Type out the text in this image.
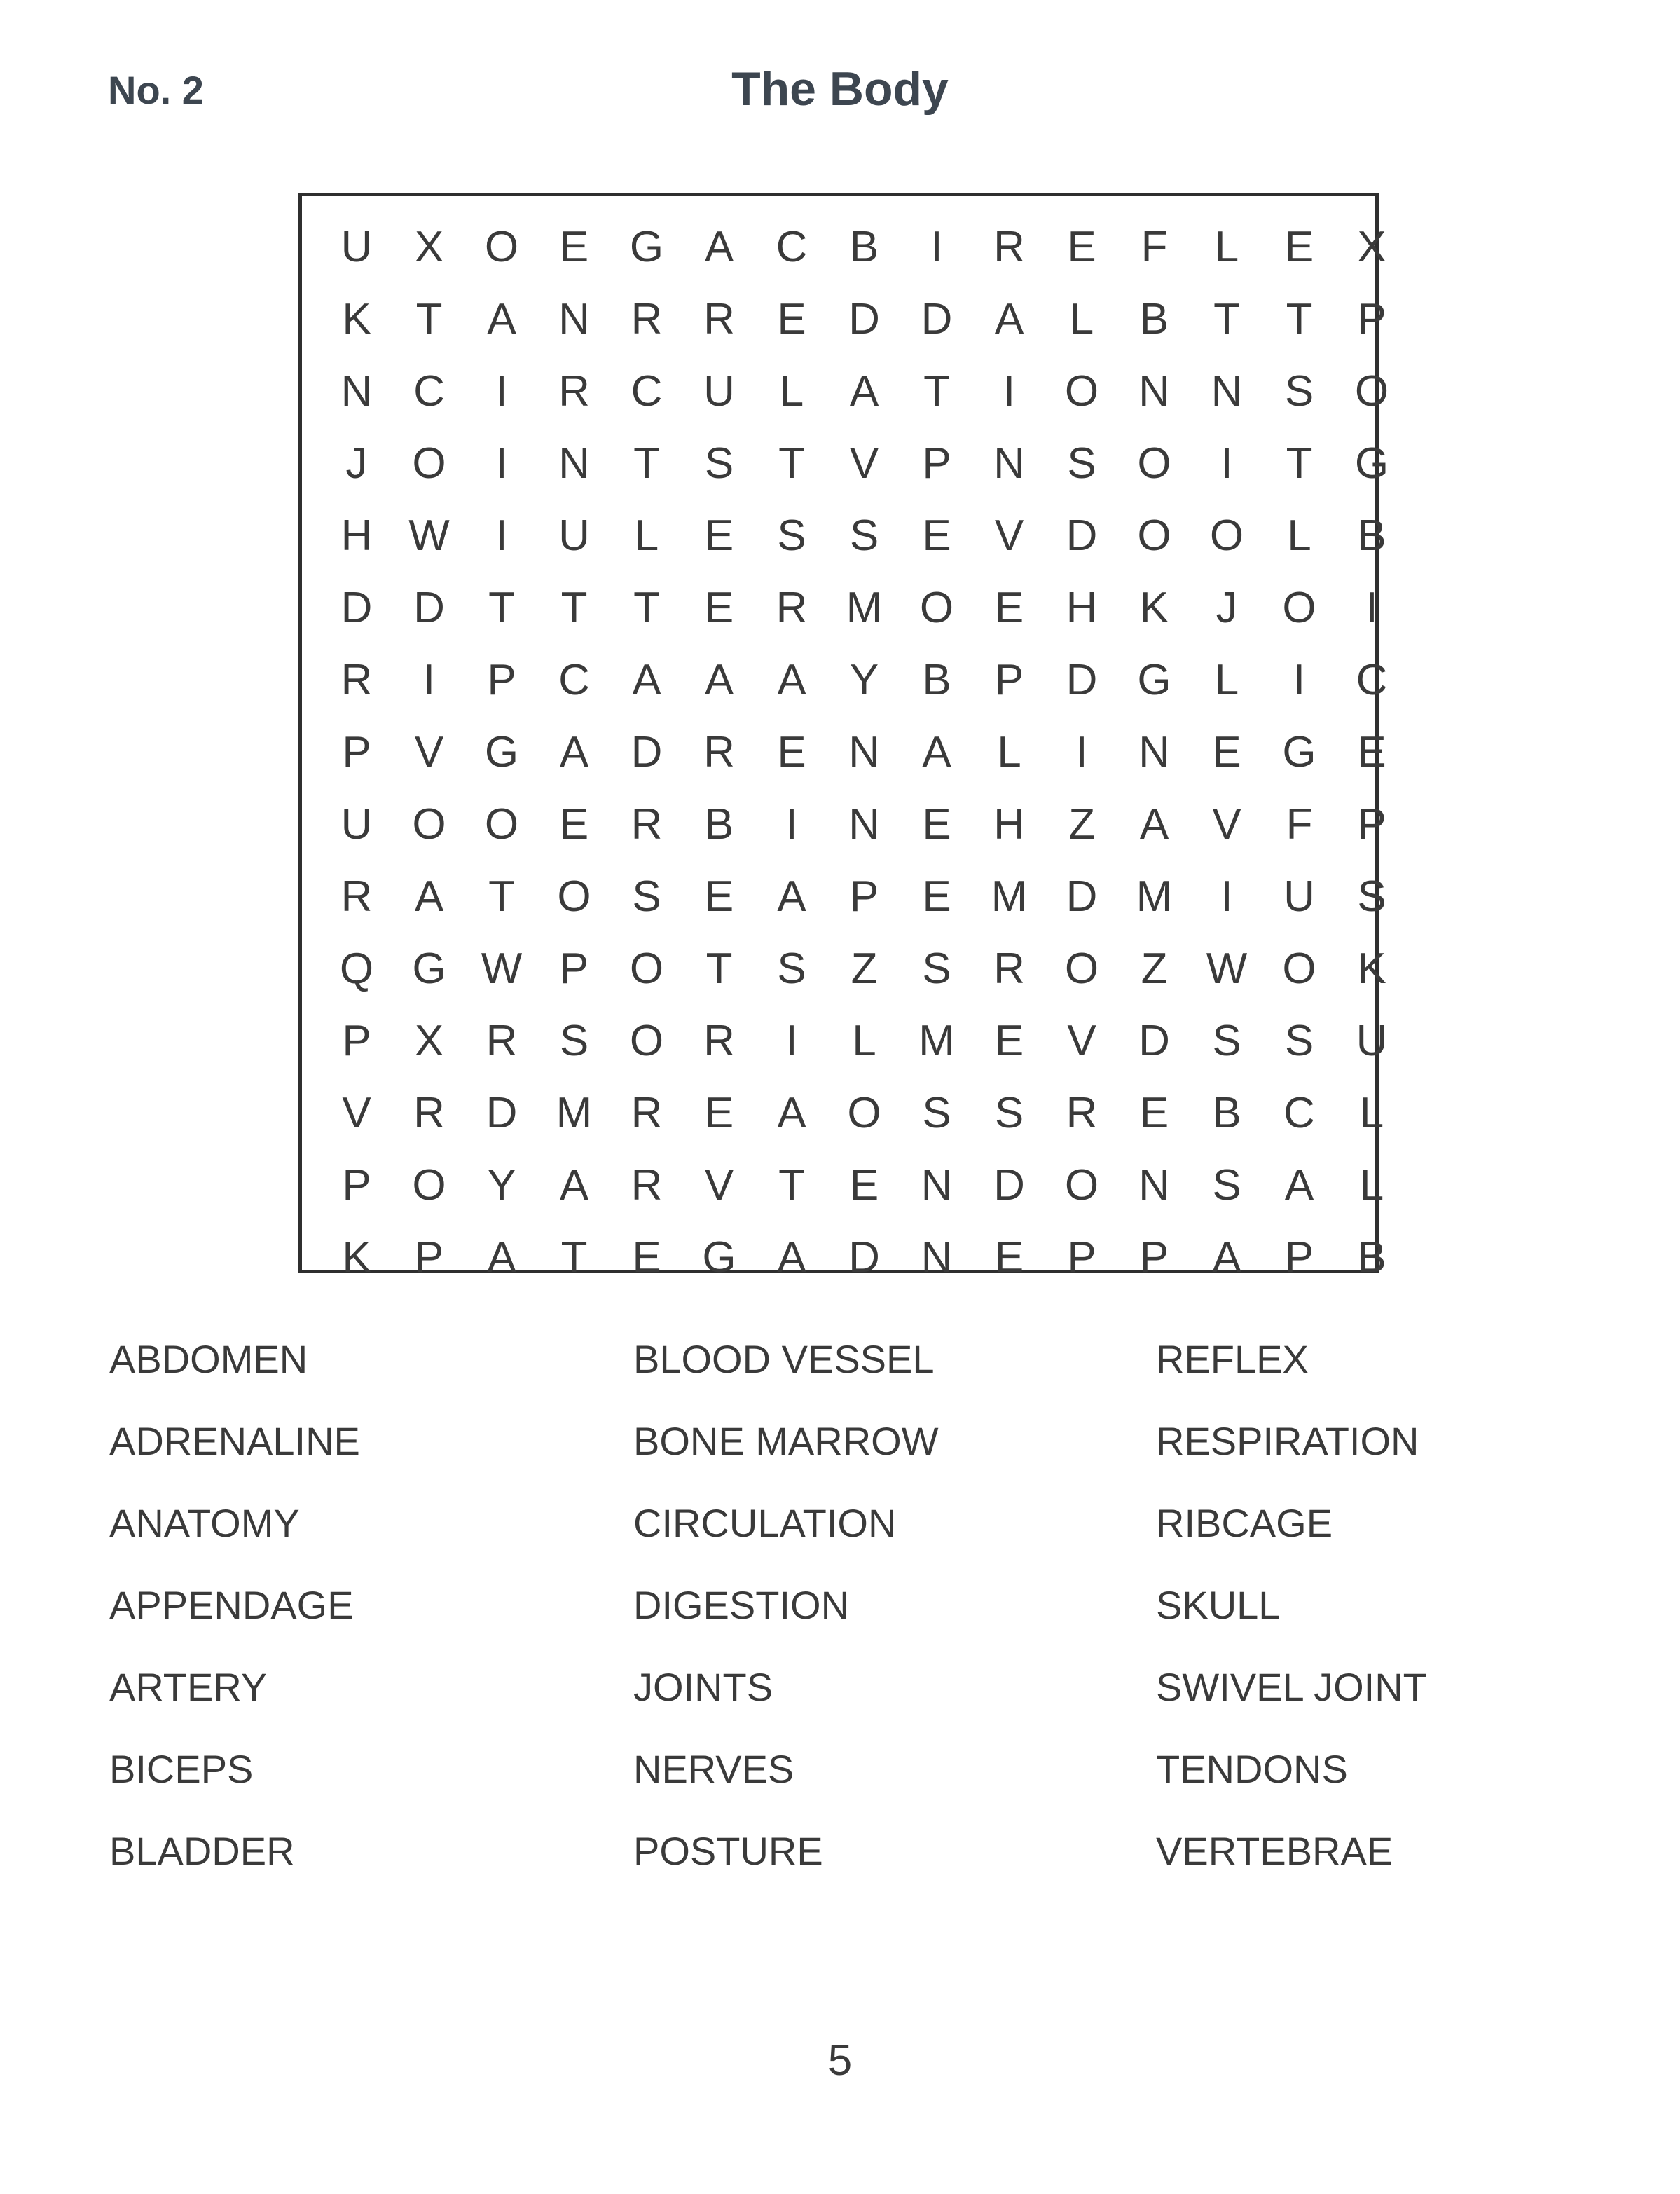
No. 2	The Body
U X O E G A C B	I	R E	F	L	E	X
K	T	A N R R E D D A	L	B	T	T	P
N C	I	R C U	L	A	T	I	O N N S O
J	O	I	N	T	S	T	V	P N S O	I	T G
H W	I	U	L	E	S	S	E	V D O O	L	B
D D	T	T	T	E R M O E H K	J	O	I
R	I	P C A	A	A	Y	B	P D G	L	I	C
P	V G A D R E N A	L	I	N E G E
U O O E R B	I	N E H	Z	A	V	F	P
R A	T O S	E	A	P	E M D M	I	U S
Q G W P O T	S	Z	S R O Z W O K
P	X R S O R	I	L M E	V D S	S U
V R D M R E	A O S	S R E	B C	L
P O Y	A R V	T	E N D O N S	A	L
K	P	A	T	E G A D N E	P	P	A	P	B
ABDOMEN
ADRENALINE
ANATOMY
APPENDAGE
ARTERY
BICEPS
BLADDER
BLOOD VESSEL
BONE MARROW
CIRCULATION
DIGESTION
JOINTS
NERVES
POSTURE
REFLEX
RESPIRATION
RIBCAGE
SKULL
SWIVEL JOINT
TENDONS
VERTEBRAE
5
